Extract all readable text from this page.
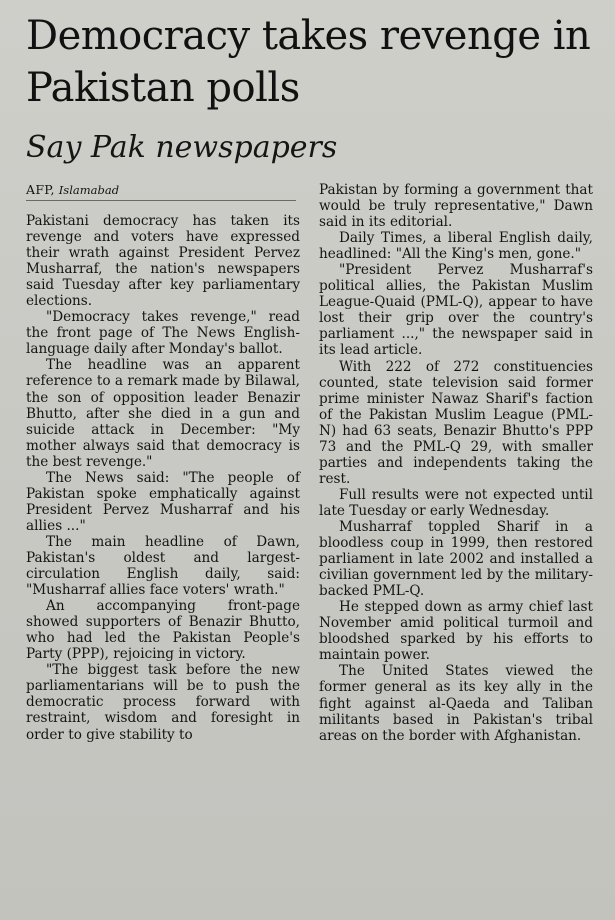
Democracy takes revenge in Pakistan polls
Say Pak newspapers
AFP, Islamabad

Pakistani democracy has taken its revenge and voters have expressed their wrath against President Pervez Musharraf, the nation's newspapers said Tuesday after key parliamentary elections.

"Democracy takes revenge," read the front page of The News English-language daily after Monday's ballot.

The headline was an apparent reference to a remark made by Bilawal, the son of opposition leader Benazir Bhutto, after she died in a gun and suicide attack in December: "My mother always said that democracy is the best revenge."

The News said: "The people of Pakistan spoke emphatically against President Pervez Musharraf and his allies ..."

The main headline of Dawn, Pakistan's oldest and largest-circulation English daily, said: "Musharraf allies face voters' wrath."

An accompanying front-page showed supporters of Benazir Bhutto, who had led the Pakistan People's Party (PPP), rejoicing in victory.

"The biggest task before the new parliamentarians will be to push the democratic process forward with restraint, wisdom and foresight in order to give stability to

Pakistan by forming a government that would be truly representative," Dawn said in its editorial.

Daily Times, a liberal English daily, headlined: "All the King's men, gone."

"President Pervez Musharraf's political allies, the Pakistan Muslim League-Quaid (PML-Q), appear to have lost their grip over the country's parliament ...," the newspaper said in its lead article.

With 222 of 272 constituencies counted, state television said former prime minister Nawaz Sharif's faction of the Pakistan Muslim League (PML-N) had 63 seats, Benazir Bhutto's PPP 73 and the PML-Q 29, with smaller parties and independents taking the rest.

Full results were not expected until late Tuesday or early Wednesday.

Musharraf toppled Sharif in a bloodless coup in 1999, then restored parliament in late 2002 and installed a civilian government led by the military-backed PML-Q.

He stepped down as army chief last November amid political turmoil and bloodshed sparked by his efforts to maintain power.

The United States viewed the former general as its key ally in the fight against al-Qaeda and Taliban militants based in Pakistan's tribal areas on the border with Afghanistan.
